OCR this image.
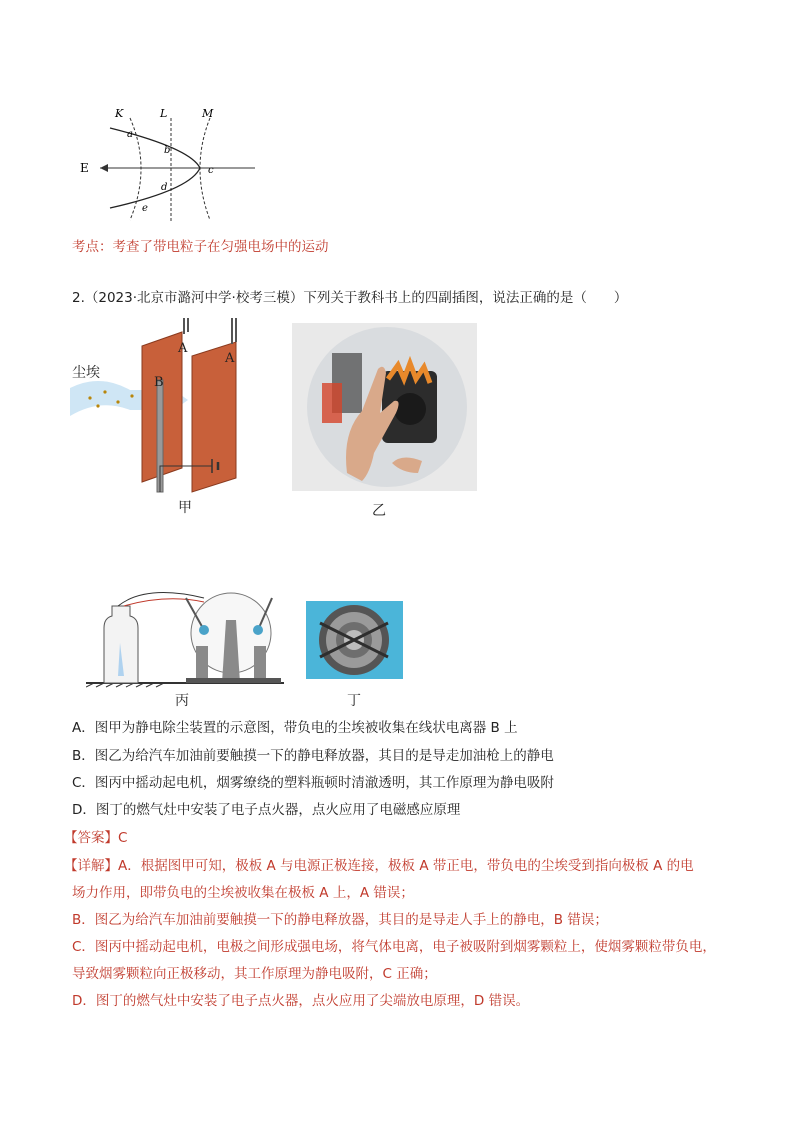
K	L	M
E
a
b
c
d
e
考点：考查了带电粒子在匀强电场中的运动
2.（2023·北京市潞河中学·校考三模）下列关于教科书上的四副插图，说法正确的是（　　）
A
A
B
尘埃
甲	乙
丙	丁
A．图甲为静电除尘装置的示意图，带负电的尘埃被收集在线状电离器 B 上
B．图乙为给汽车加油前要触摸一下的静电释放器，其目的是导走加油枪上的静电
C．图丙中摇动起电机，烟雾缭绕的塑料瓶顿时清澈透明，其工作原理为静电吸附
D．图丁的燃气灶中安装了电子点火器，点火应用了电磁感应原理
【答案】C
【详解】A．根据图甲可知，极板 A 与电源正极连接，极板 A 带正电，带负电的尘埃受到指向极板 A 的电
场力作用，即带负电的尘埃被收集在极板 A 上，A 错误；
B．图乙为给汽车加油前要触摸一下的静电释放器，其目的是导走人手上的静电，B 错误；
C．图丙中摇动起电机，电极之间形成强电场，将气体电离，电子被吸附到烟雾颗粒上，使烟雾颗粒带负电，
导致烟雾颗粒向正极移动，其工作原理为静电吸附，C 正确；
D．图丁的燃气灶中安装了电子点火器，点火应用了尖端放电原理，D 错误。
